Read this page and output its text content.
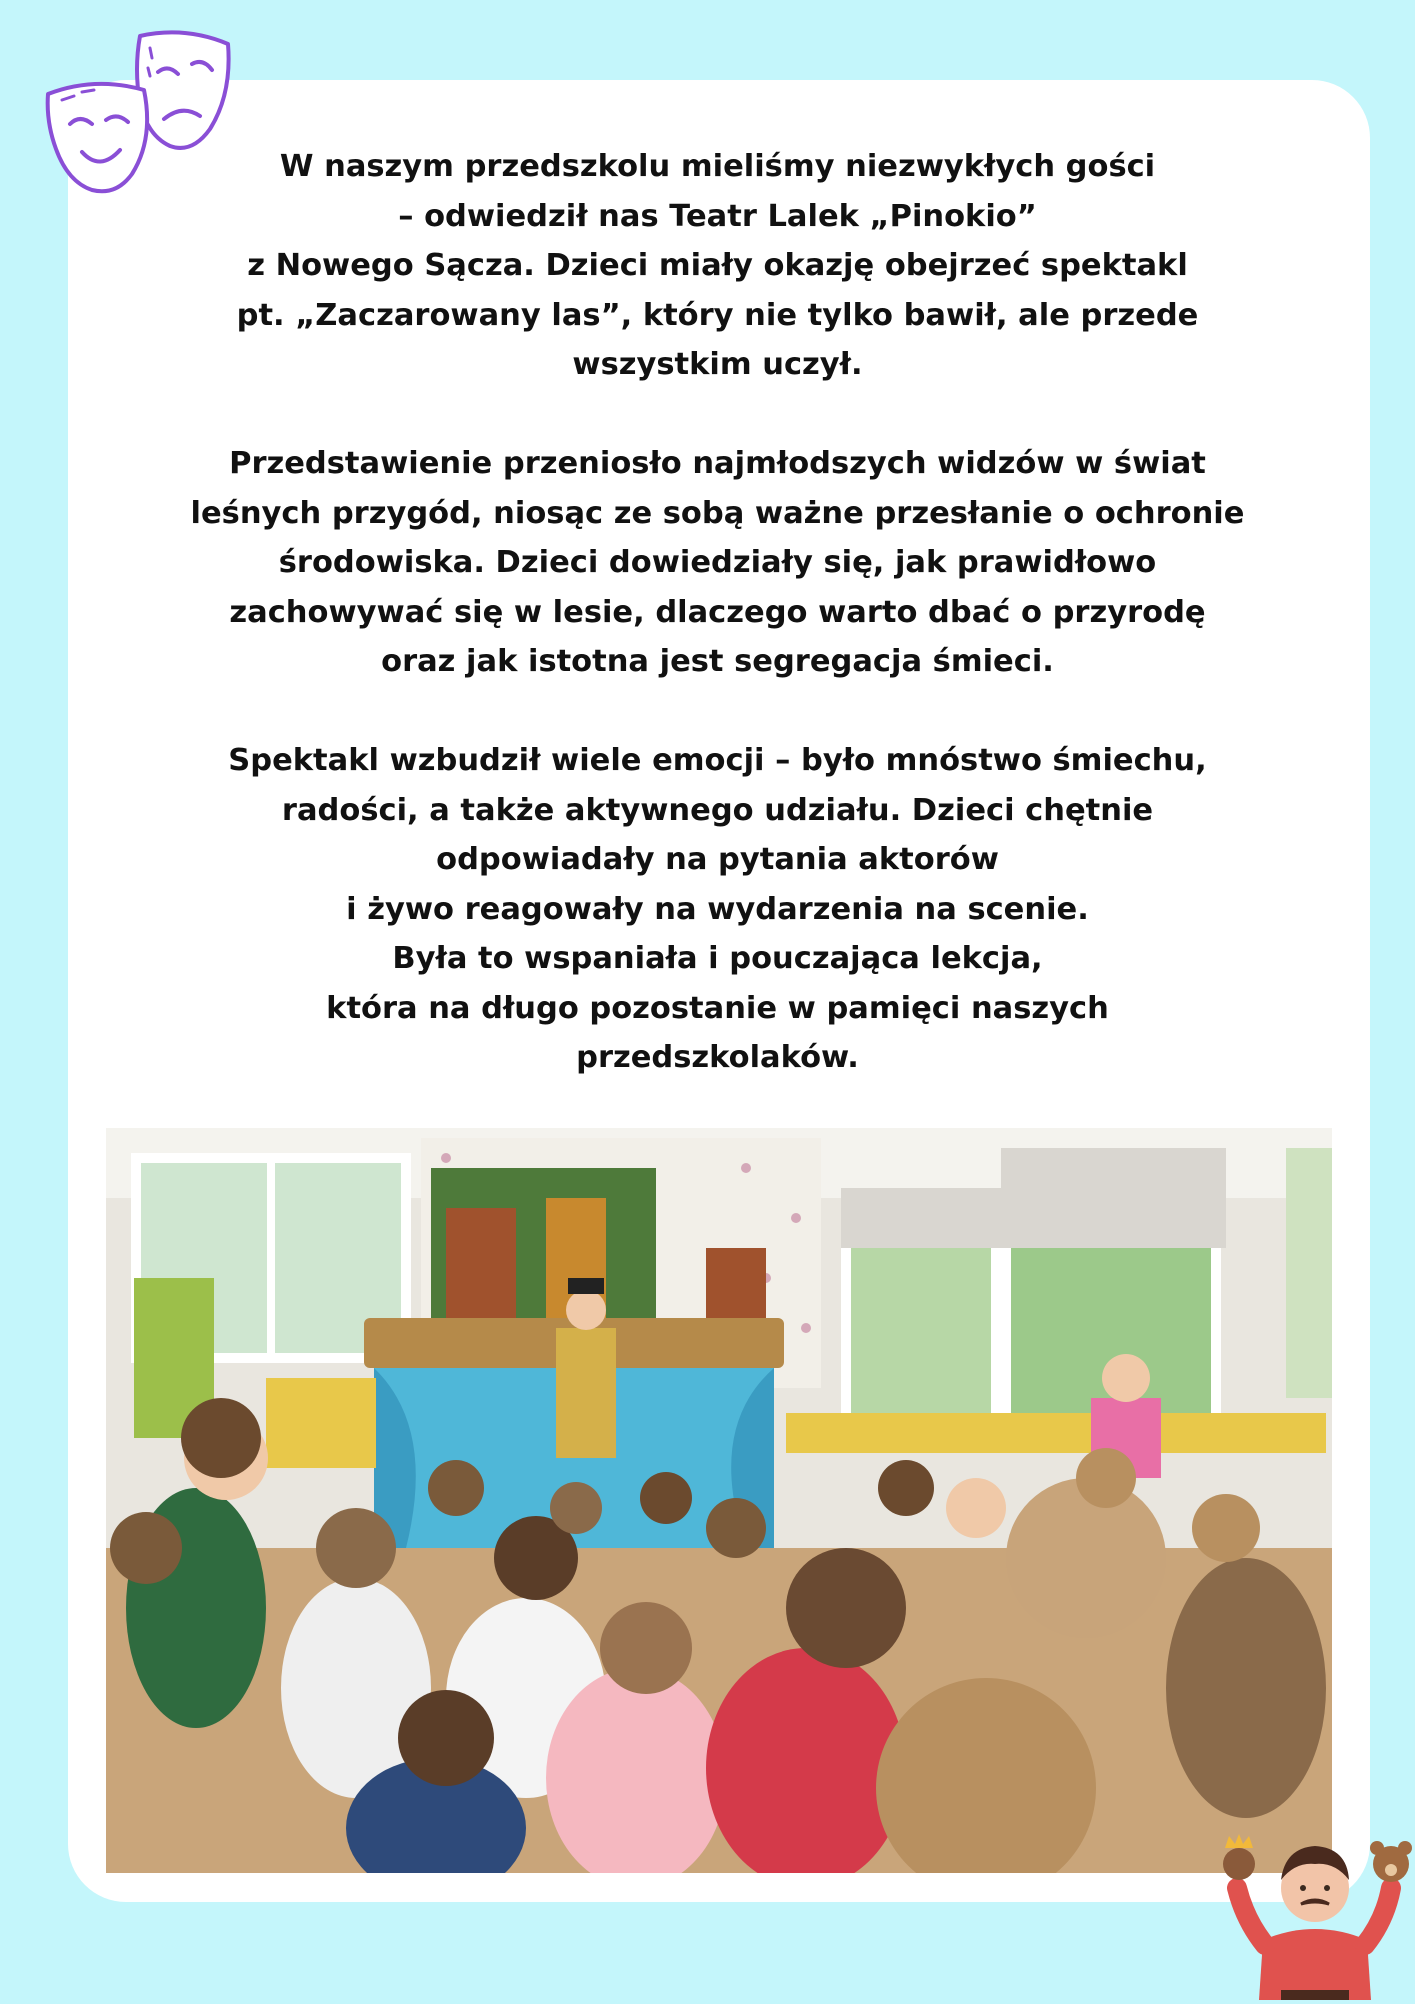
W naszym przedszkolu mieliśmy niezwykłych gości
– odwiedził nas Teatr Lalek „Pinokio”
z Nowego Sącza. Dzieci miały okazję obejrzeć spektakl
pt. „Zaczarowany las”, który nie tylko bawił, ale przede
wszystkim uczył.

Przedstawienie przeniosło najmłodszych widzów w świat
leśnych przygód, niosąc ze sobą ważne przesłanie o ochronie
środowiska. Dzieci dowiedziały się, jak prawidłowo
zachowywać się w lesie, dlaczego warto dbać o przyrodę
oraz jak istotna jest segregacja śmieci.

Spektakl wzbudził wiele emocji – było mnóstwo śmiechu,
radości, a także aktywnego udziału. Dzieci chętnie
odpowiadały na pytania aktorów
i żywo reagowały na wydarzenia na scenie.
Była to wspaniała i pouczająca lekcja,
która na długo pozostanie w pamięci naszych
przedszkolaków.
